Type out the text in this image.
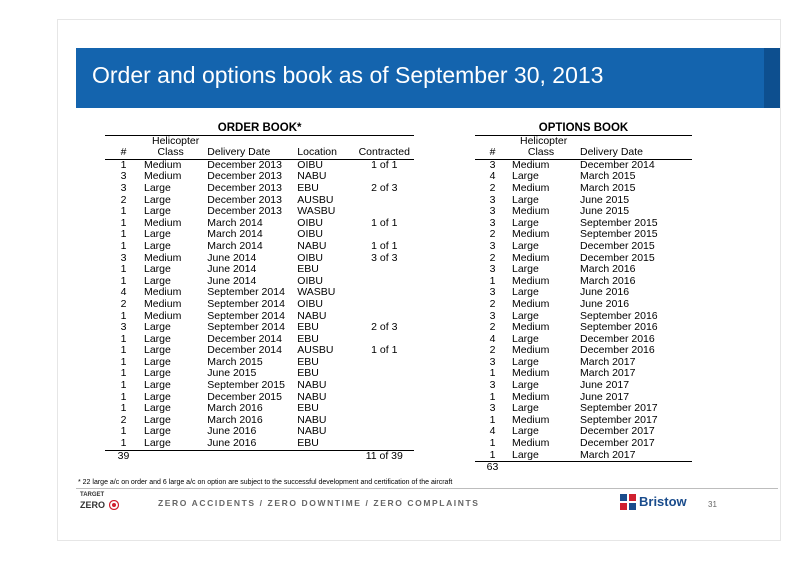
Order and options book as of September 30, 2013
ORDER BOOK*				
	Helicopter			
#	Class	Delivery Date	Location	Contracted
1	Medium	December 2013	OIBU	1 of 1
3	Medium	December 2013	NABU	
3	Large	December 2013	EBU	2 of 3
2	Large	December 2013	AUSBU	
1	Large	December 2013	WASBU	
1	Medium	March 2014	OIBU	1 of 1
1	Large	March 2014	OIBU	
1	Large	March 2014	NABU	1 of 1
3	Medium	June 2014	OIBU	3 of 3
1	Large	June 2014	EBU	
1	Large	June 2014	OIBU	
4	Medium	September 2014	WASBU	
2	Medium	September 2014	OIBU	
1	Medium	September 2014	NABU	
3	Large	September 2014	EBU	2 of 3
1	Large	December 2014	EBU	
1	Large	December 2014	AUSBU	1 of 1
1	Large	March 2015	EBU	
1	Large	June 2015	EBU	
1	Large	September 2015	NABU	
1	Large	December 2015	NABU	
1	Large	March 2016	EBU	
2	Large	March 2016	NABU	
1	Large	June 2016	NABU	
1	Large	June 2016	EBU	
39				11 of 39
OPTIONS BOOK		
	Helicopter	
#	Class	Delivery Date
3	Medium	December 2014
4	Large	March 2015
2	Medium	March 2015
3	Large	June 2015
3	Medium	June 2015
3	Large	September 2015
2	Medium	September 2015
3	Large	December 2015
2	Medium	December 2015
3	Large	March 2016
1	Medium	March 2016
3	Large	June 2016
2	Medium	June 2016
3	Large	September 2016
2	Medium	September 2016
4	Large	December 2016
2	Medium	December 2016
3	Large	March 2017
1	Medium	March 2017
3	Large	June 2017
1	Medium	June 2017
3	Large	September 2017
1	Medium	September 2017
4	Large	December 2017
1	Medium	December 2017
1	Large	March 2017
63		
* 22 large a/c on order and 6 large a/c on option are subject to the successful development and certification of the aircraft
TARGET
ZERO	ZERO ACCIDENTS / ZERO DOWNTIME / ZERO COMPLAINTS	Bristow	31
